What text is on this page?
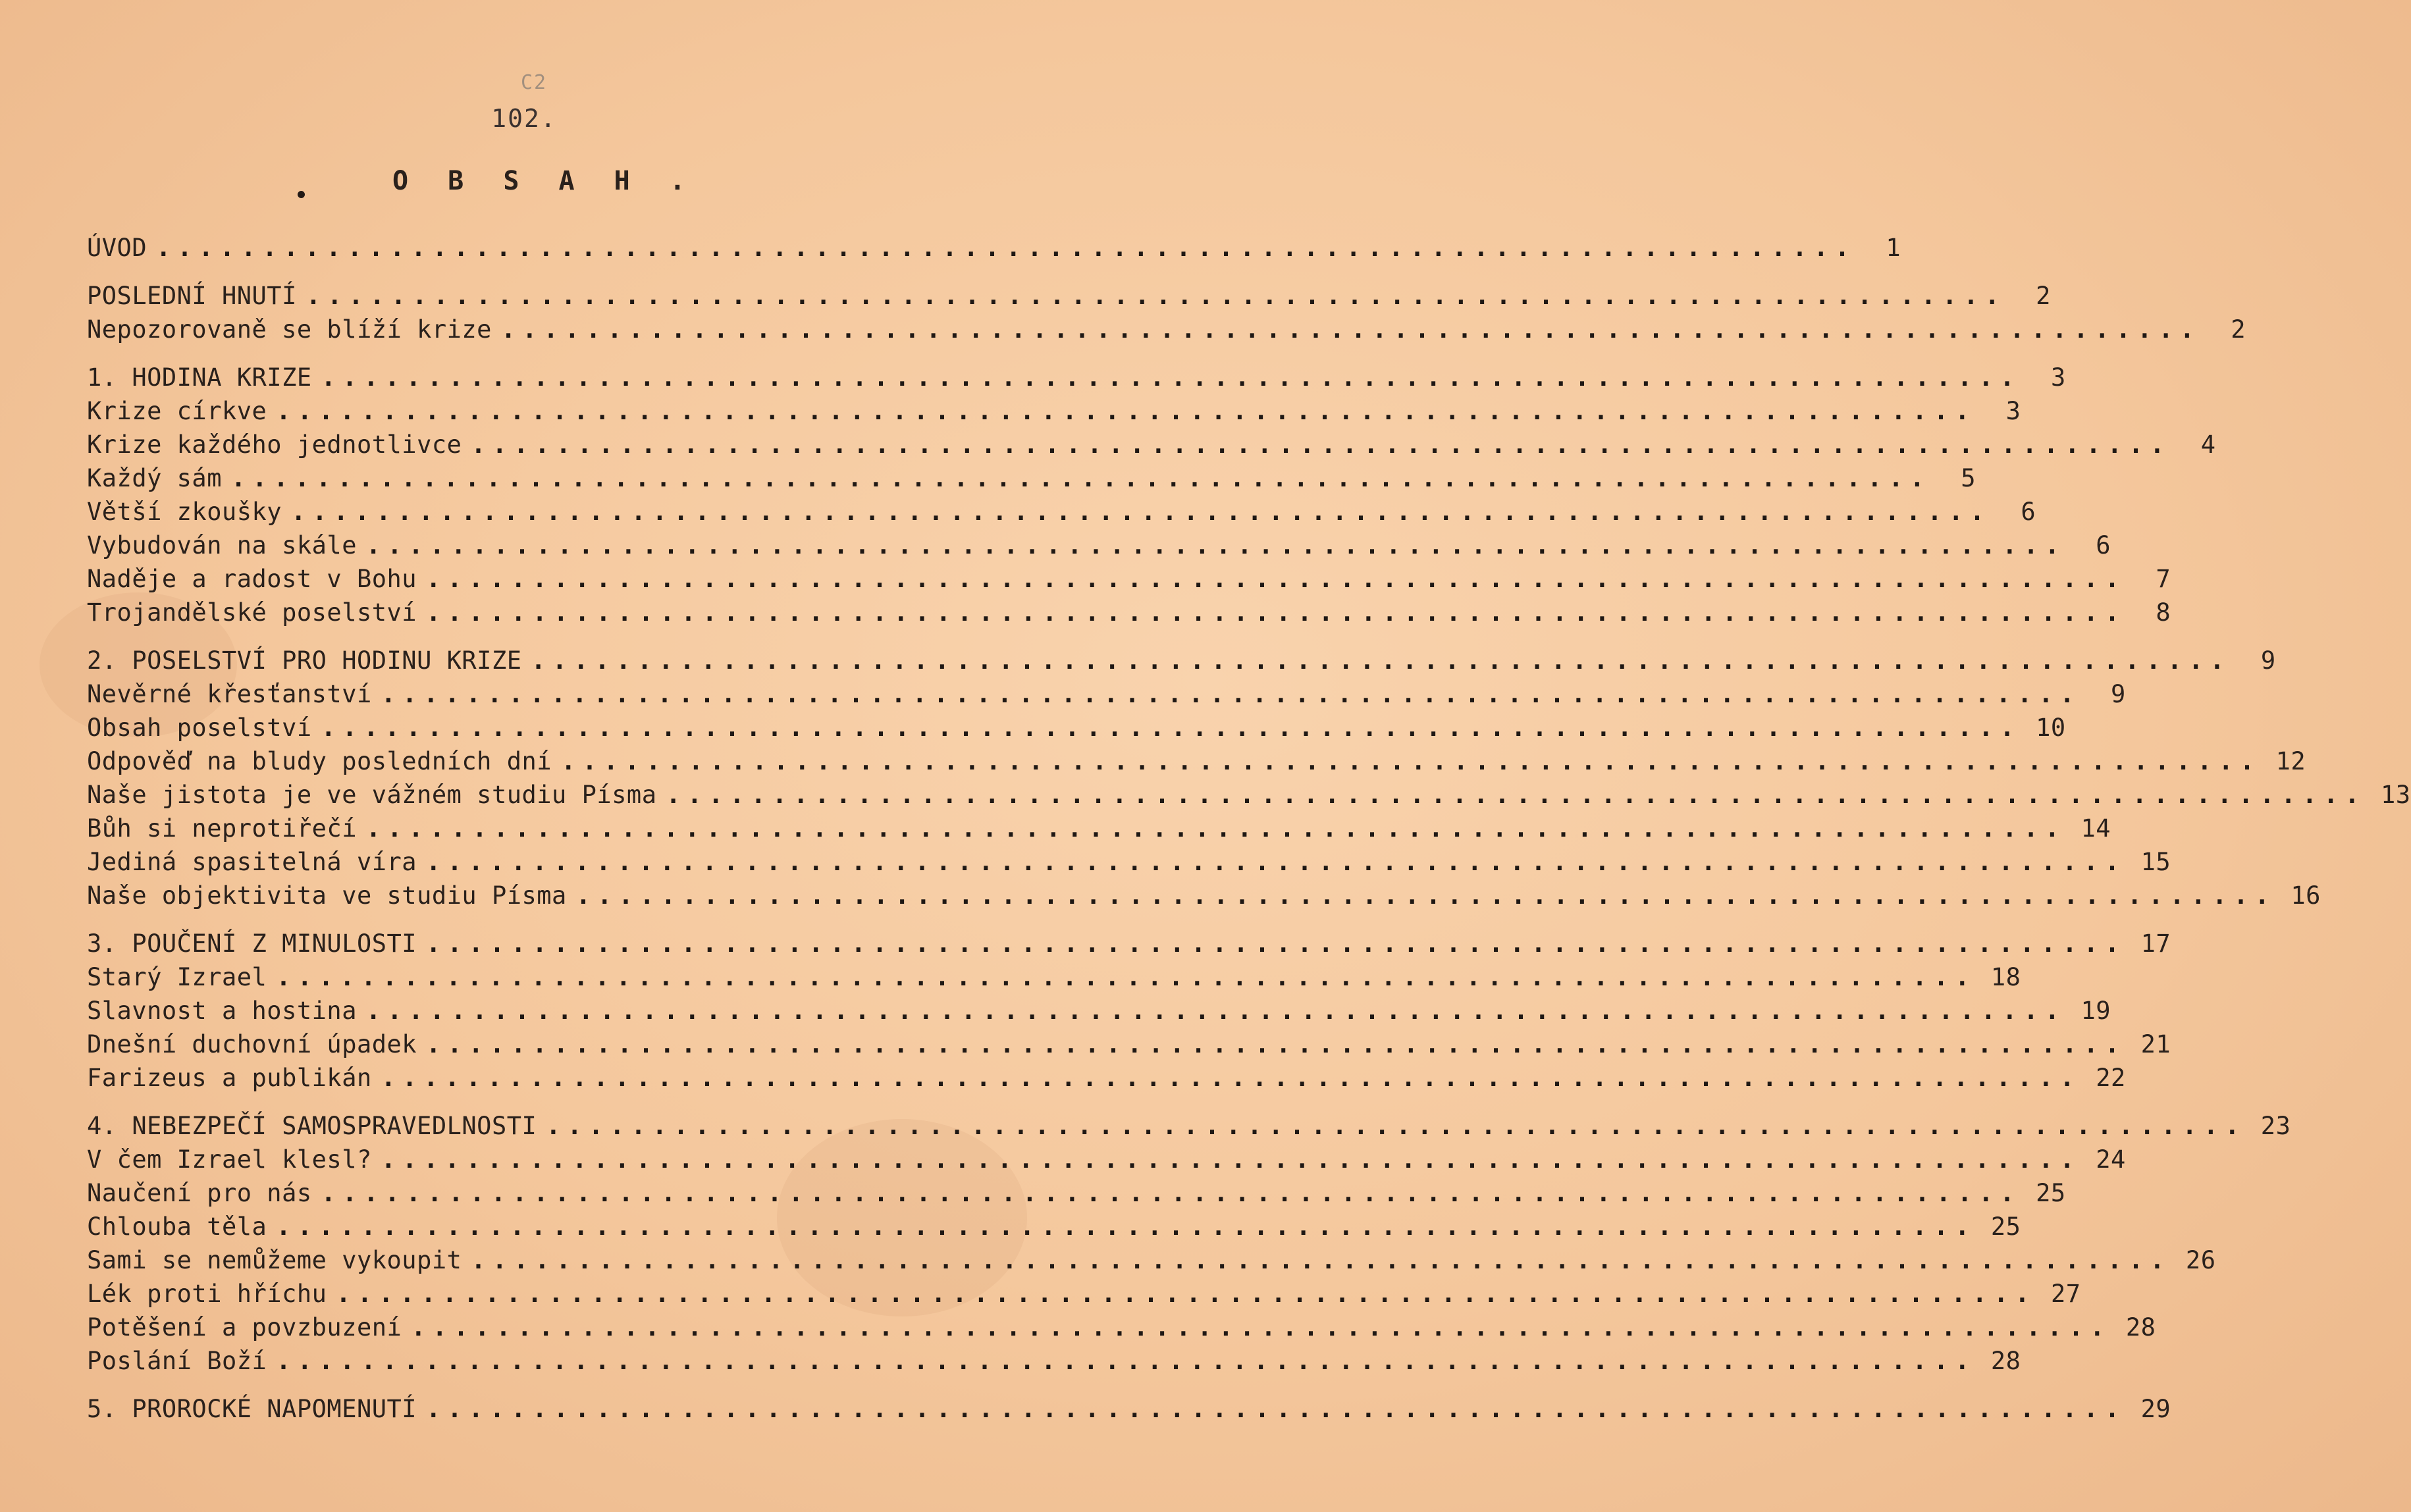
C2
102.
O B S A H .
ÚVOD ................................................................................	1
POSLEDNÍ HNUTÍ ................................................................................	2
Nepozorovaně se blíží krize ................................................................................	2
1. HODINA KRIZE ................................................................................	3
Krize církve ................................................................................	3
Krize každého jednotlivce ................................................................................	4
Každý sám ................................................................................	5
Větší zkoušky ................................................................................	6
Vybudován na skále ................................................................................	6
Naděje a radost v Bohu ................................................................................	7
Trojandělské poselství ................................................................................	8
2. POSELSTVÍ PRO HODINU KRIZE ................................................................................	9
Nevěrné křesťanství ................................................................................	9
Obsah poselství ................................................................................ 10
Odpověď na bludy posledních dní ................................................................................ 12
Naše jistota je ve vážném studiu Písma ................................................................................ 13
Bůh si neprotiřečí ................................................................................ 14
Jediná spasitelná víra ................................................................................ 15
Naše objektivita ve studiu Písma ................................................................................ 16
3. POUČENÍ Z MINULOSTI ................................................................................ 17
Starý Izrael ................................................................................ 18
Slavnost a hostina ................................................................................ 19
Dnešní duchovní úpadek ................................................................................ 21
Farizeus a publikán ................................................................................ 22
4. NEBEZPEČÍ SAMOSPRAVEDLNOSTI ................................................................................ 23
V čem Izrael klesl? ................................................................................ 24
Naučení pro nás ................................................................................ 25
Chlouba těla ................................................................................ 25
Sami se nemůžeme vykoupit ................................................................................ 26
Lék proti hříchu ................................................................................ 27
Potěšení a povzbuzení ................................................................................ 28
Poslání Boží ................................................................................ 28
5. PROROCKÉ NAPOMENUTÍ ................................................................................ 29
